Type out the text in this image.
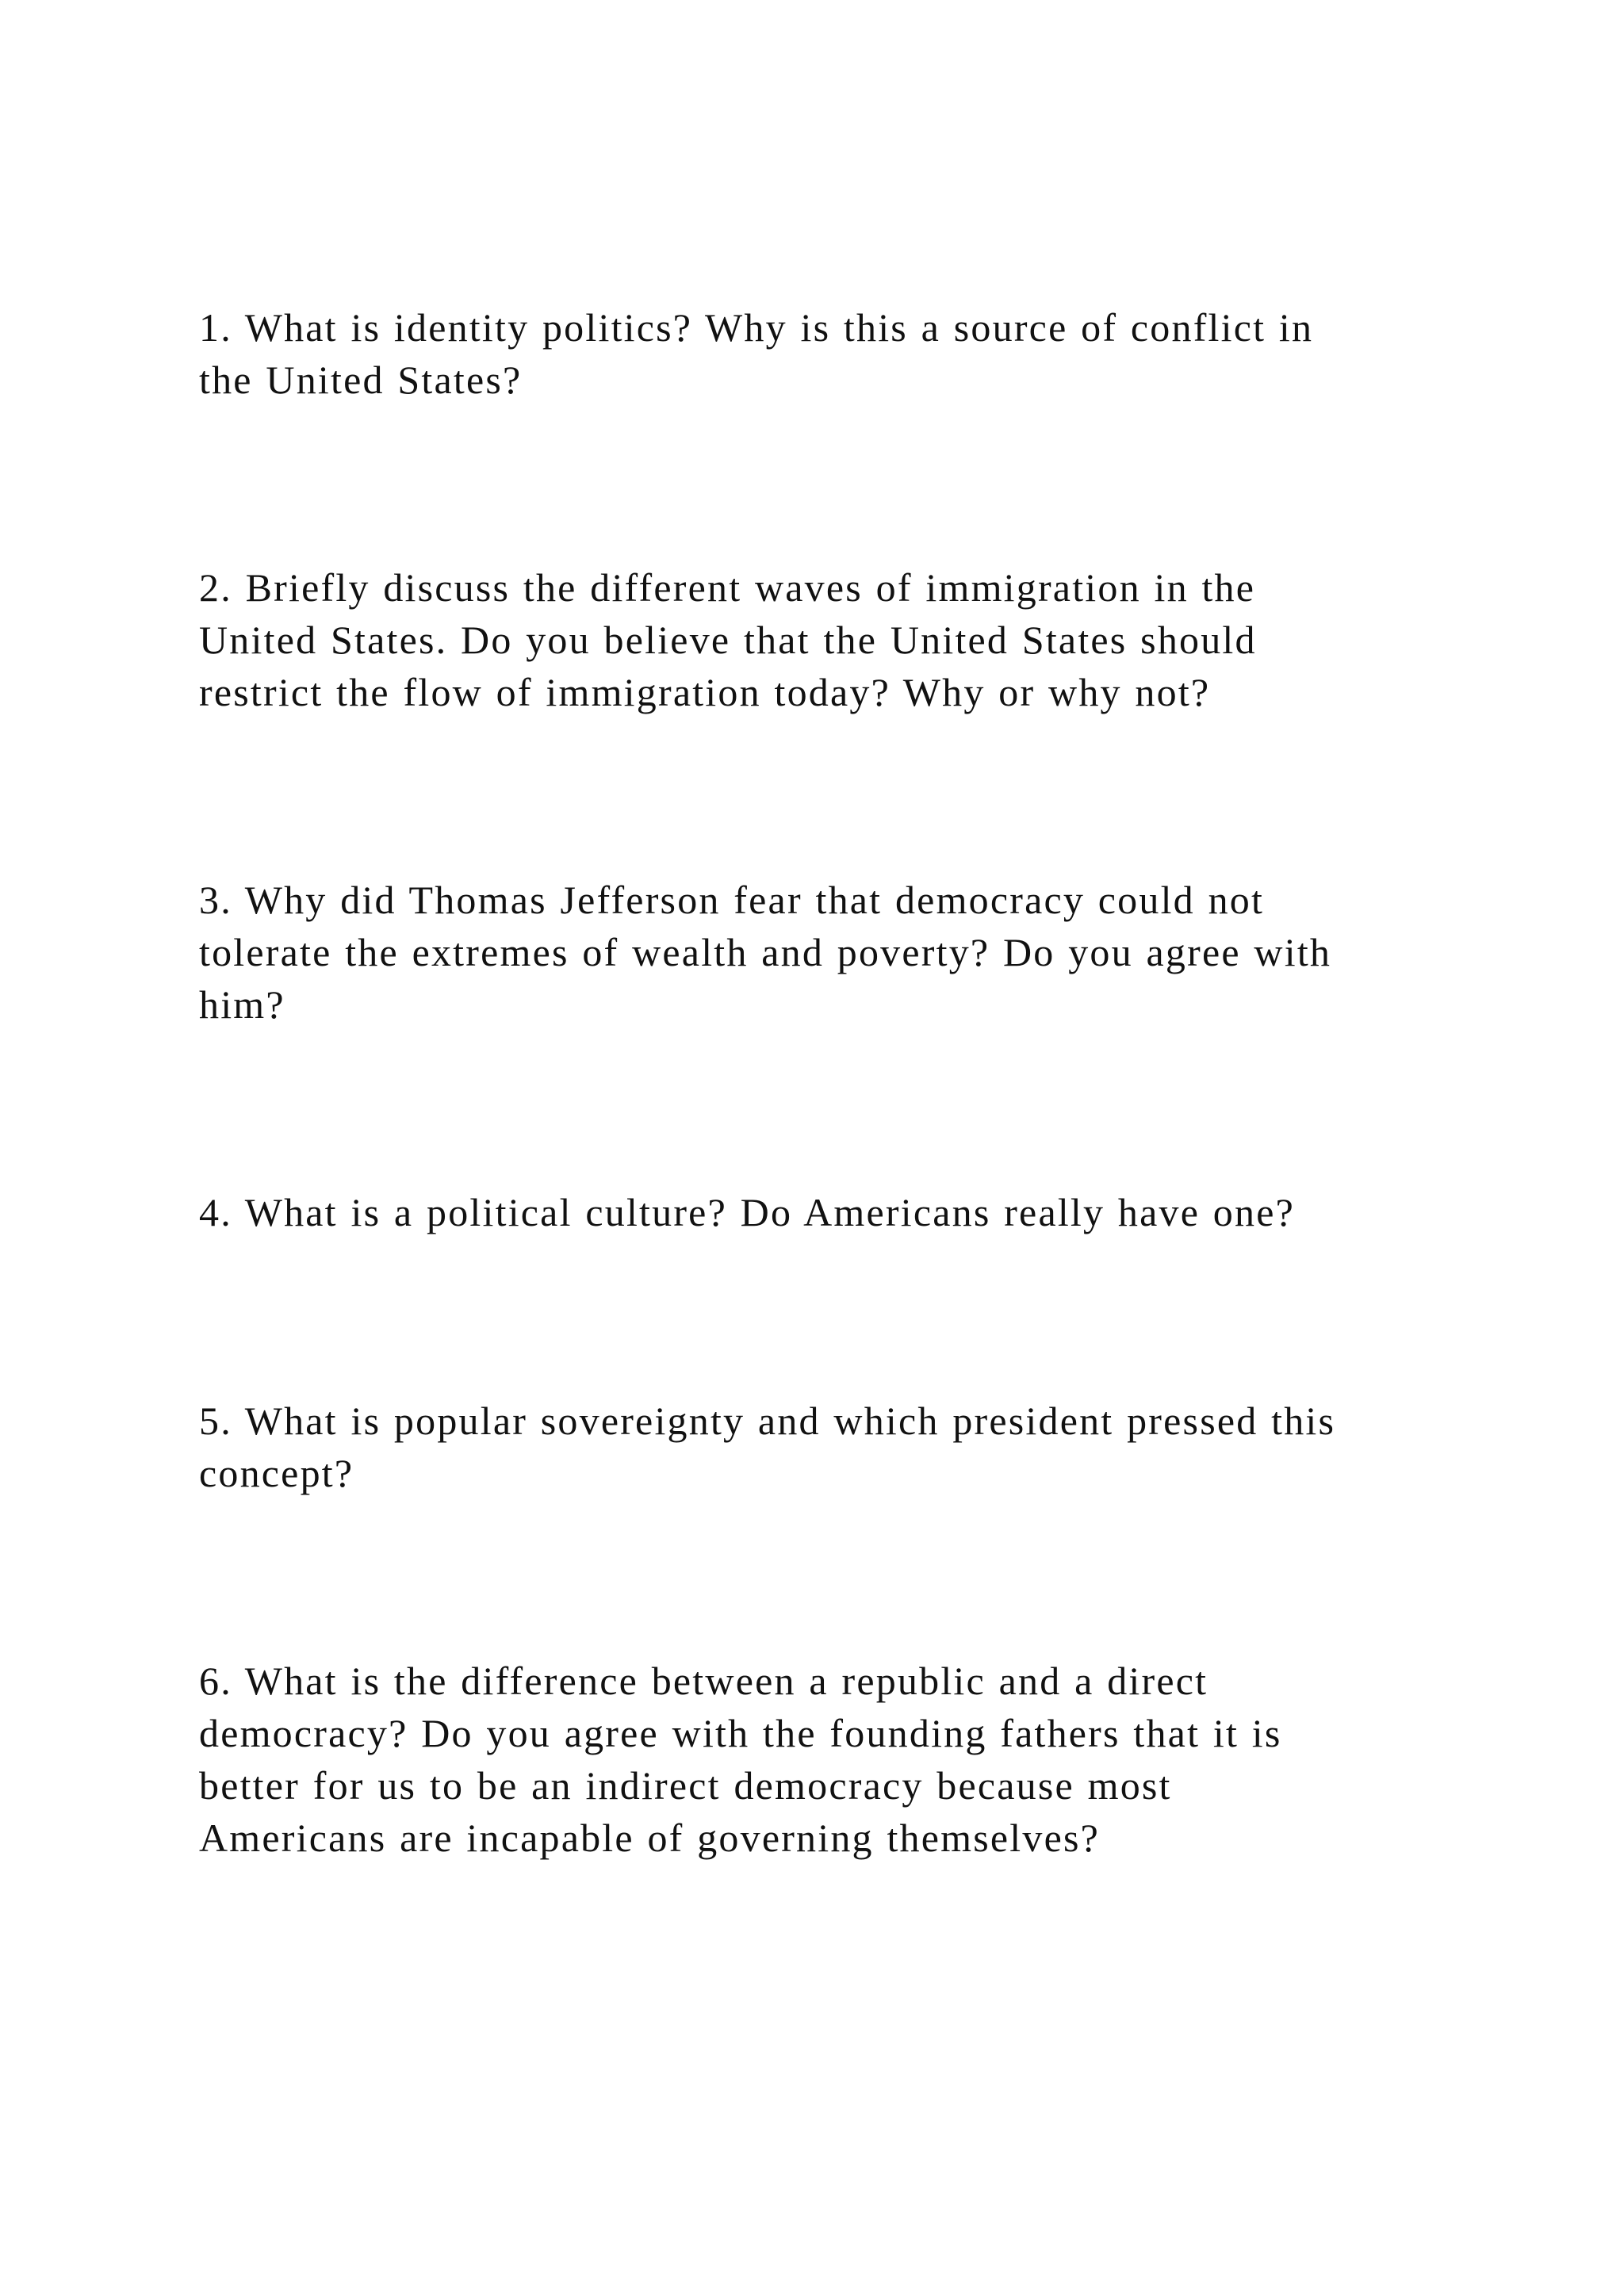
1. What is identity politics? Why is this a source of conflict in
the United States?

2. Briefly discuss the different waves of immigration in the
United States. Do you believe that the United States should
restrict the flow of immigration today? Why or why not?

3. Why did Thomas Jefferson fear that democracy could not
tolerate the extremes of wealth and poverty? Do you agree with
him?

4. What is a political culture? Do Americans really have one?

5. What is popular sovereignty and which president pressed this
concept?

6. What is the difference between a republic and a direct
democracy? Do you agree with the founding fathers that it is
better for us to be an indirect democracy because most
Americans are incapable of governing themselves?
